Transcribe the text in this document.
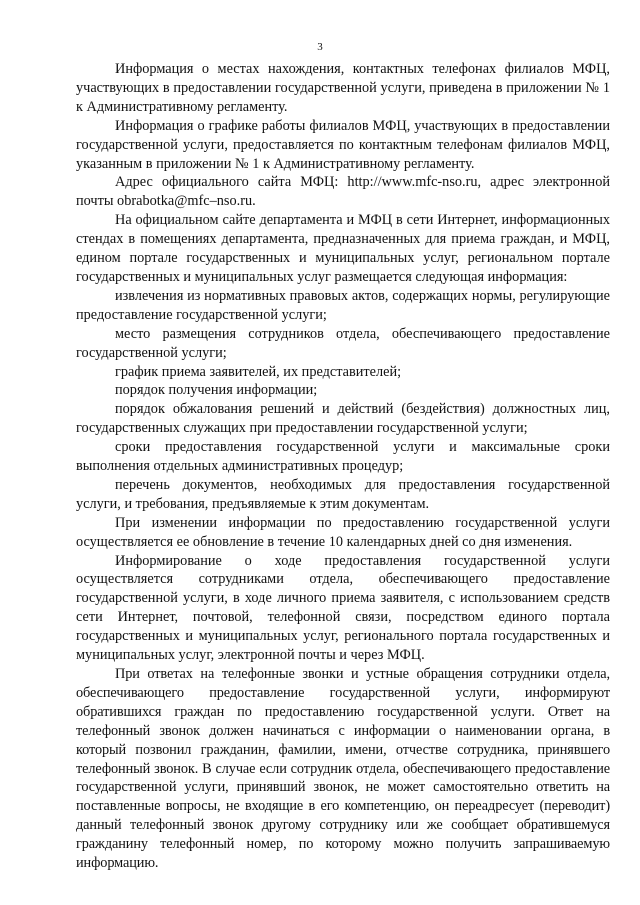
3

Информация о местах нахождения, контактных телефонах филиалов МФЦ, участвующих в предоставлении государственной услуги, приведена в приложении № 1 к Административному регламенту.

Информация о графике работы филиалов МФЦ, участвующих в предоставлении государственной услуги, предоставляется по контактным телефонам филиалов МФЦ, указанным в приложении № 1 к Административному регламенту.

Адрес официального сайта МФЦ: http://www.mfc-nso.ru, адрес электронной почты obrabotka@mfc–nso.ru.

На официальном сайте департамента и МФЦ в сети Интернет, информационных стендах в помещениях департамента, предназначенных для приема граждан, и МФЦ, едином портале государственных и муниципальных услуг, региональном портале государственных и муниципальных услуг размещается следующая информация:

извлечения из нормативных правовых актов, содержащих нормы, регулирующие предоставление государственной услуги;

место размещения сотрудников отдела, обеспечивающего предоставление государственной услуги;

график приема заявителей, их представителей;

порядок получения информации;

порядок обжалования решений и действий (бездействия) должностных лиц, государственных служащих при предоставлении государственной услуги;

сроки предоставления государственной услуги и максимальные сроки выполнения отдельных административных процедур;

перечень документов, необходимых для предоставления государственной услуги, и требования, предъявляемые к этим документам.

При изменении информации по предоставлению государственной услуги осуществляется ее обновление в течение 10 календарных дней со дня изменения.

Информирование о ходе предоставления государственной услуги осуществляется сотрудниками отдела, обеспечивающего предоставление государственной услуги, в ходе личного приема заявителя, с использованием средств сети Интернет, почтовой, телефонной связи, посредством единого портала государственных и муниципальных услуг, регионального портала государственных и муниципальных услуг, электронной почты и через МФЦ.

При ответах на телефонные звонки и устные обращения сотрудники отдела, обеспечивающего предоставление государственной услуги, информируют обратившихся граждан по предоставлению государственной услуги. Ответ на телефонный звонок должен начинаться с информации о наименовании органа, в который позвонил гражданин, фамилии, имени, отчестве сотрудника, принявшего телефонный звонок. В случае если сотрудник отдела, обеспечивающего предоставление государственной услуги, принявший звонок, не может самостоятельно ответить на поставленные вопросы, не входящие в его компетенцию, он переадресует (переводит) данный телефонный звонок другому сотруднику или же сообщает обратившемуся гражданину телефонный номер, по которому можно получить запрашиваемую информацию.
